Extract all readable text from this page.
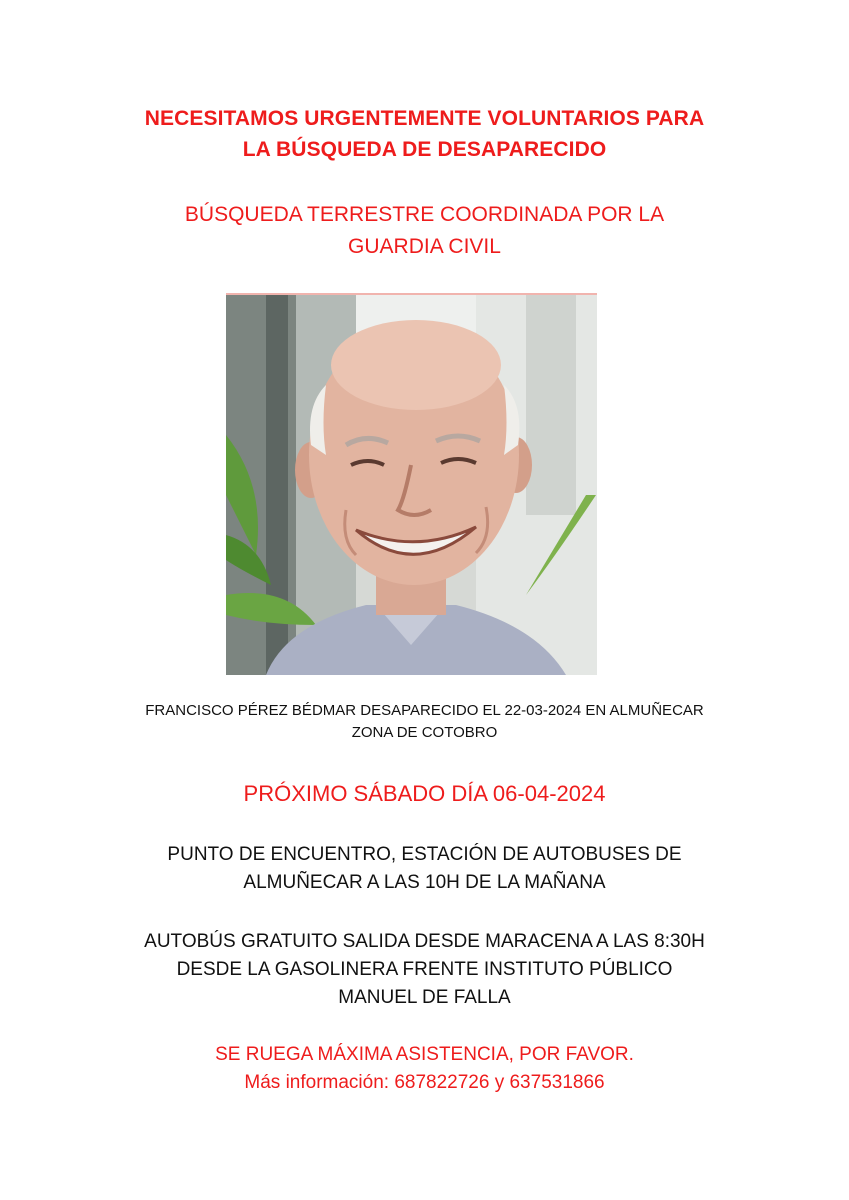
NECESITAMOS URGENTEMENTE VOLUNTARIOS PARA
LA BÚSQUEDA DE DESAPARECIDO
BÚSQUEDA TERRESTRE COORDINADA POR LA
GUARDIA CIVIL
FRANCISCO PÉREZ BÉDMAR DESAPARECIDO EL 22-03-2024 EN ALMUÑECAR
ZONA DE COTOBRO
PRÓXIMO SÁBADO DÍA 06-04-2024
PUNTO DE ENCUENTRO, ESTACIÓN DE AUTOBUSES DE
ALMUÑECAR A LAS 10H DE LA MAÑANA
AUTOBÚS GRATUITO SALIDA DESDE MARACENA A LAS 8:30H
DESDE LA GASOLINERA FRENTE INSTITUTO PÚBLICO
MANUEL DE FALLA
SE RUEGA MÁXIMA ASISTENCIA, POR FAVOR.
Más información: 687822726 y 637531866
